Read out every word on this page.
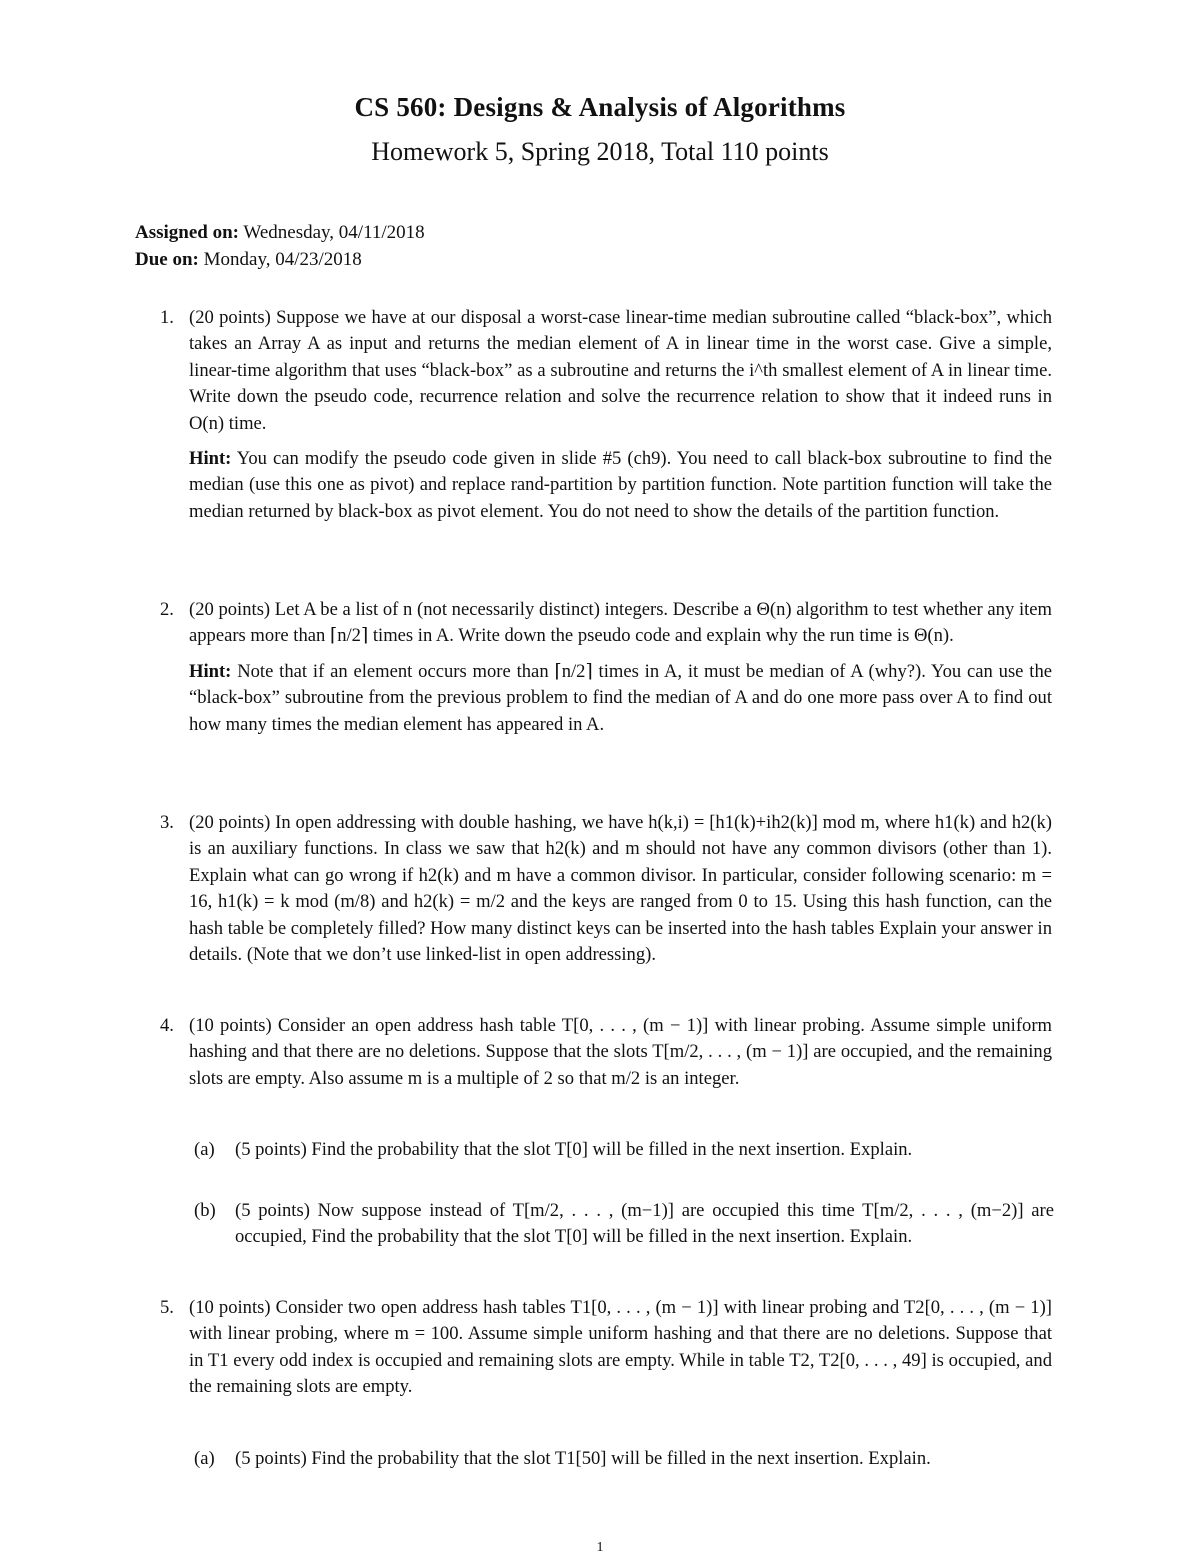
CS 560: Designs & Analysis of Algorithms
Homework 5, Spring 2018, Total 110 points
Assigned on: Wednesday, 04/11/2018
Due on: Monday, 04/23/2018
1. (20 points) Suppose we have at our disposal a worst-case linear-time median subroutine called “black-box”, which takes an Array A as input and returns the median element of A in linear time in the worst case. Give a simple, linear-time algorithm that uses “black-box” as a subroutine and returns the i^th smallest element of A in linear time. Write down the pseudo code, recurrence relation and solve the recurrence relation to show that it indeed runs in O(n) time.

Hint: You can modify the pseudo code given in slide #5 (ch9). You need to call black-box subroutine to find the median (use this one as pivot) and replace rand-partition by partition function. Note partition function will take the median returned by black-box as pivot element. You do not need to show the details of the partition function.

2. (20 points) Let A be a list of n (not necessarily distinct) integers. Describe a Θ(n) algorithm to test whether any item appears more than ⌈n/2⌉ times in A. Write down the pseudo code and explain why the run time is Θ(n).

Hint: Note that if an element occurs more than ⌈n/2⌉ times in A, it must be median of A (why?). You can use the “black-box” subroutine from the previous problem to find the median of A and do one more pass over A to find out how many times the median element has appeared in A.

3. (20 points) In open addressing with double hashing, we have h(k,i) = [h1(k)+ih2(k)] mod m, where h1(k) and h2(k) is an auxiliary functions. In class we saw that h2(k) and m should not have any common divisors (other than 1). Explain what can go wrong if h2(k) and m have a common divisor. In particular, consider following scenario: m = 16, h1(k) = k mod (m/8) and h2(k) = m/2 and the keys are ranged from 0 to 15. Using this hash function, can the hash table be completely filled? How many distinct keys can be inserted into the hash tables Explain your answer in details. (Note that we don’t use linked-list in open addressing).

4. (10 points) Consider an open address hash table T[0, . . . , (m − 1)] with linear probing. Assume simple uniform hashing and that there are no deletions. Suppose that the slots T[m/2, . . . , (m − 1)] are occupied, and the remaining slots are empty. Also assume m is a multiple of 2 so that m/2 is an integer.

(a) (5 points) Find the probability that the slot T[0] will be filled in the next insertion. Explain.
(b) (5 points) Now suppose instead of T[m/2, . . . , (m−1)] are occupied this time T[m/2, . . . , (m−2)] are occupied, Find the probability that the slot T[0] will be filled in the next insertion. Explain.
5. (10 points) Consider two open address hash tables T1[0, . . . , (m − 1)] with linear probing and T2[0, . . . , (m − 1)] with linear probing, where m = 100. Assume simple uniform hashing and that there are no deletions. Suppose that in T1 every odd index is occupied and remaining slots are empty. While in table T2, T2[0, . . . , 49] is occupied, and the remaining slots are empty.

(a) (5 points) Find the probability that the slot T1[50] will be filled in the next insertion. Explain.
1
